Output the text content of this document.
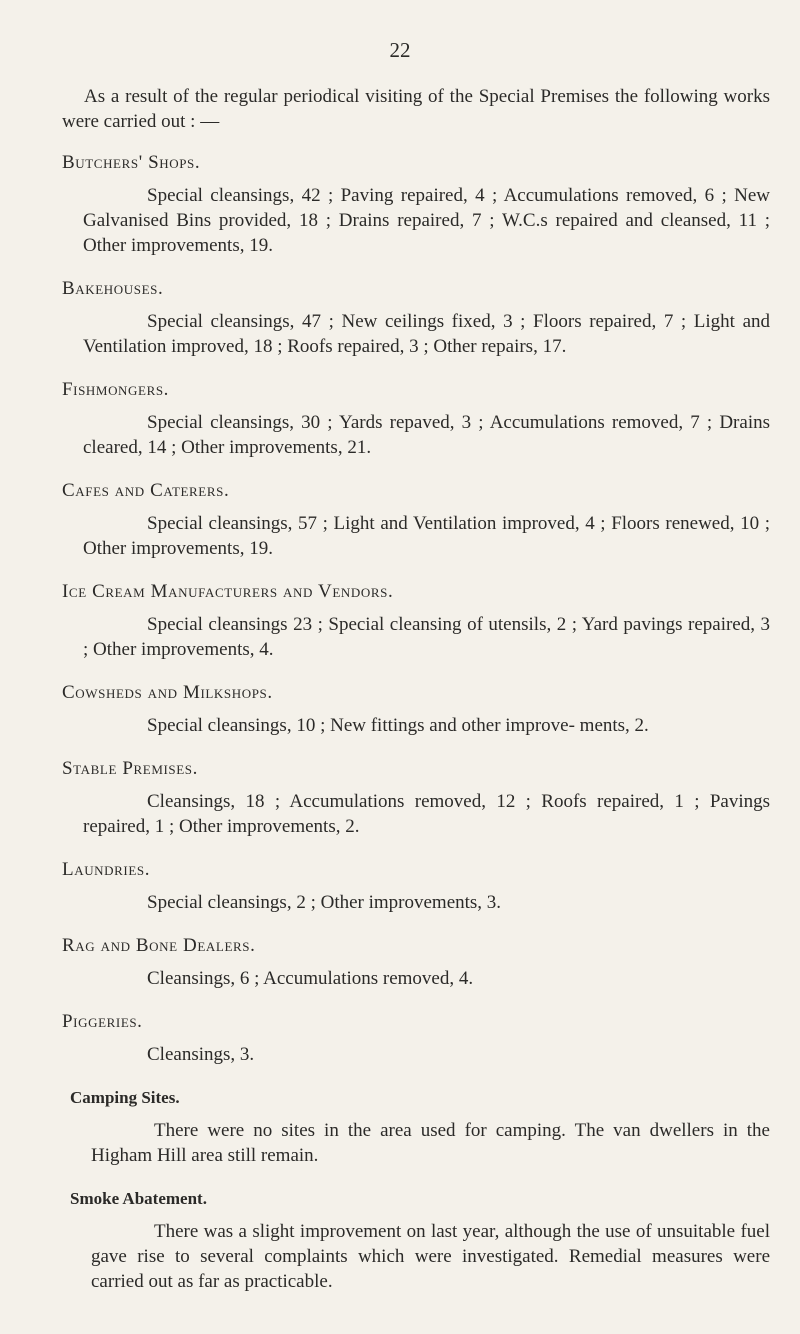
22

As a result of the regular periodical visiting of the Special Premises the following works were carried out : —

Butchers' Shops.

Special cleansings, 42 ; Paving repaired, 4 ; Accumulations removed, 6 ; New Galvanised Bins provided, 18 ; Drains repaired, 7 ; W.C.s repaired and cleansed, 11 ; Other improvements, 19.

Bakehouses.

Special cleansings, 47 ; New ceilings fixed, 3 ; Floors repaired, 7 ; Light and Ventilation improved, 18 ; Roofs repaired, 3 ; Other repairs, 17.

Fishmongers.

Special cleansings, 30 ; Yards repaved, 3 ; Accumulations removed, 7 ; Drains cleared, 14 ; Other improvements, 21.

Cafes and Caterers.

Special cleansings, 57 ; Light and Ventilation improved, 4 ; Floors renewed, 10 ; Other improvements, 19.

Ice Cream Manufacturers and Vendors.

Special cleansings 23 ; Special cleansing of utensils, 2 ; Yard pavings repaired, 3 ; Other improvements, 4.

Cowsheds and Milkshops.

Special cleansings, 10 ; New fittings and other improve- ments, 2.

Stable Premises.

Cleansings, 18 ; Accumulations removed, 12 ; Roofs repaired, 1 ; Pavings repaired, 1 ; Other improvements, 2.

Laundries.

Special cleansings, 2 ; Other improvements, 3.

Rag and Bone Dealers.

Cleansings, 6 ; Accumulations removed, 4.

Piggeries.

Cleansings, 3.

Camping Sites.

There were no sites in the area used for camping. The van dwellers in the Higham Hill area still remain.

Smoke Abatement.

There was a slight improvement on last year, although the use of unsuitable fuel gave rise to several complaints which were investigated. Remedial measures were carried out as far as practicable.
